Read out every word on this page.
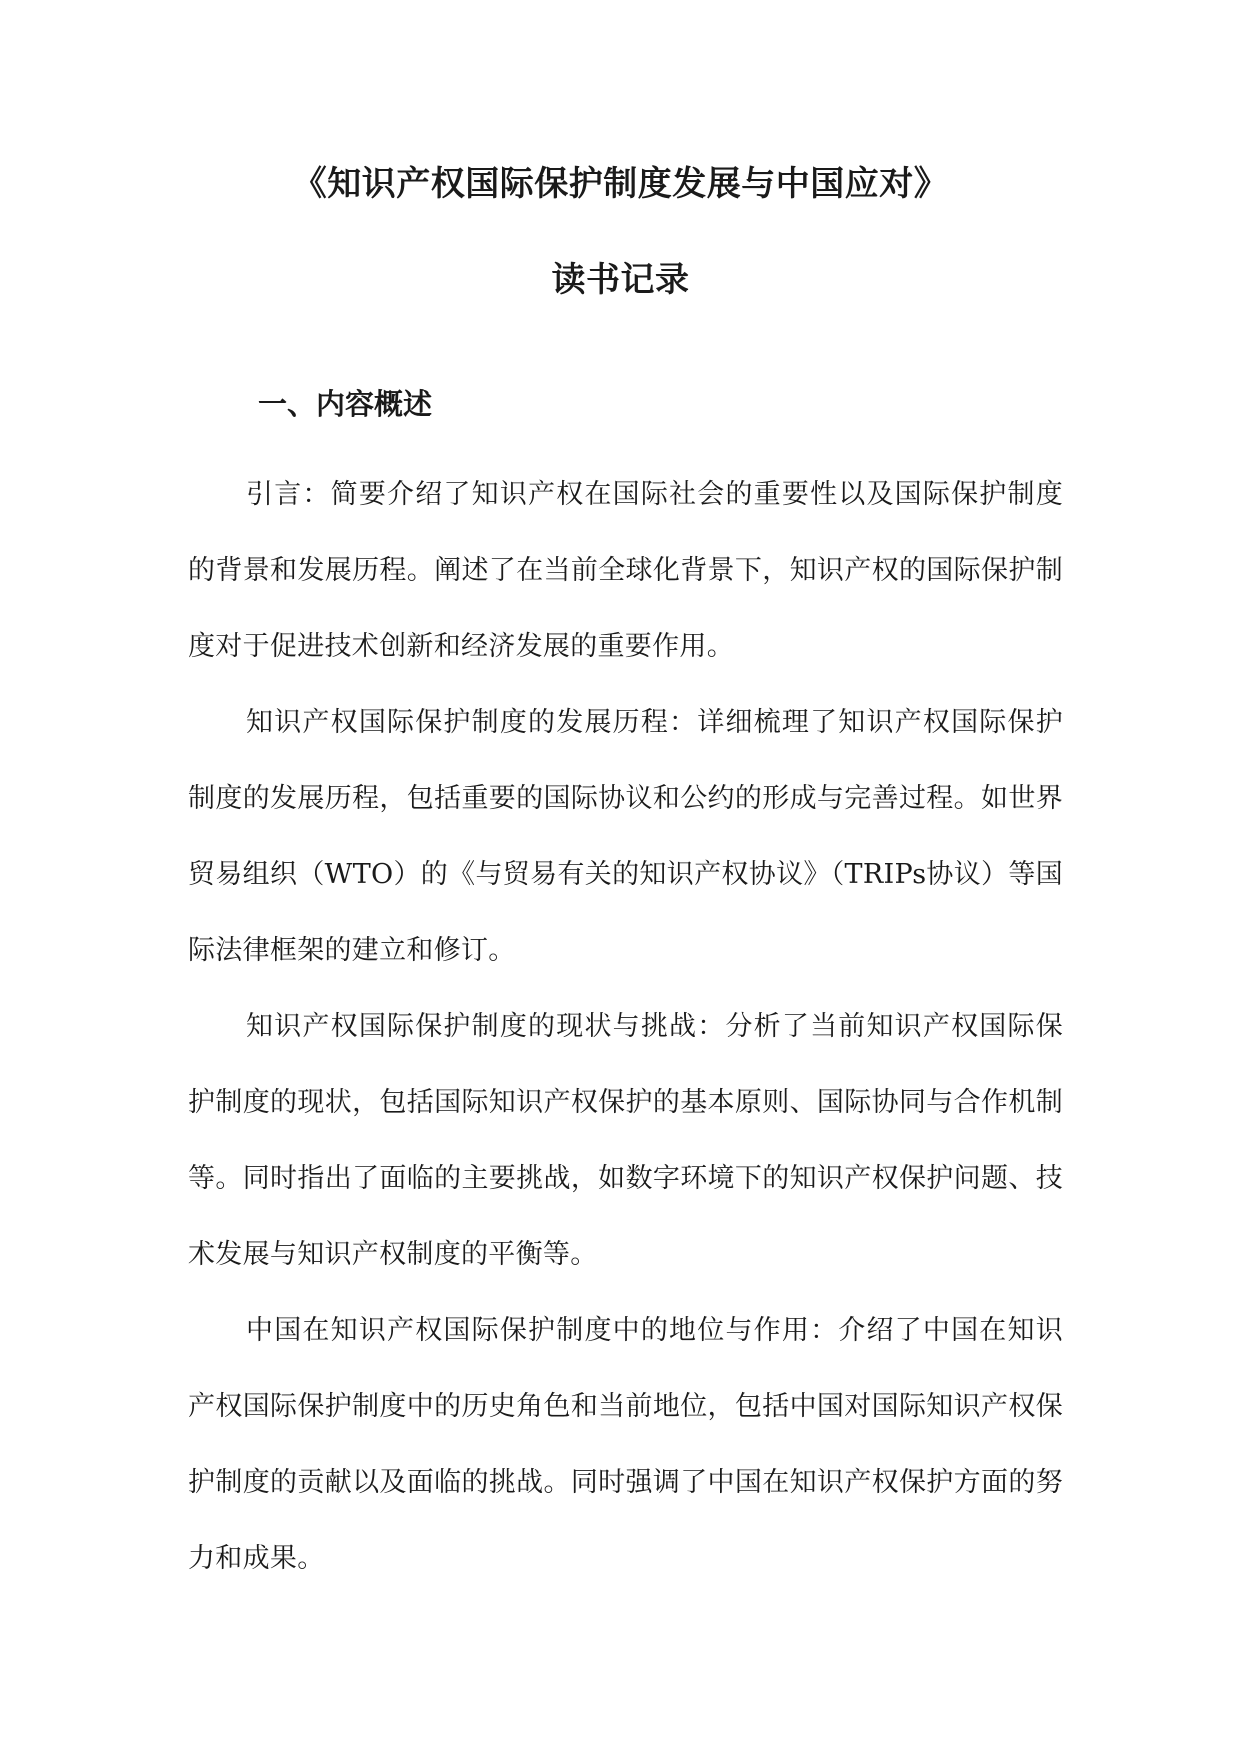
《知识产权国际保护制度发展与中国应对》
读书记录
一、内容概述

引言：简要介绍了知识产权在国际社会的重要性以及国际保护制度的背景和发展历程。阐述了在当前全球化背景下，知识产权的国际保护制度对于促进技术创新和经济发展的重要作用。

知识产权国际保护制度的发展历程：详细梳理了知识产权国际保护制度的发展历程，包括重要的国际协议和公约的形成与完善过程。如世界贸易组织（WTO）的《与贸易有关的知识产权协议》（TRIPs协议）等国际法律框架的建立和修订。

知识产权国际保护制度的现状与挑战：分析了当前知识产权国际保护制度的现状，包括国际知识产权保护的基本原则、国际协同与合作机制等。同时指出了面临的主要挑战，如数字环境下的知识产权保护问题、技术发展与知识产权制度的平衡等。

中国在知识产权国际保护制度中的地位与作用：介绍了中国在知识产权国际保护制度中的历史角色和当前地位，包括中国对国际知识产权保护制度的贡献以及面临的挑战。同时强调了中国在知识产权保护方面的努力和成果。
